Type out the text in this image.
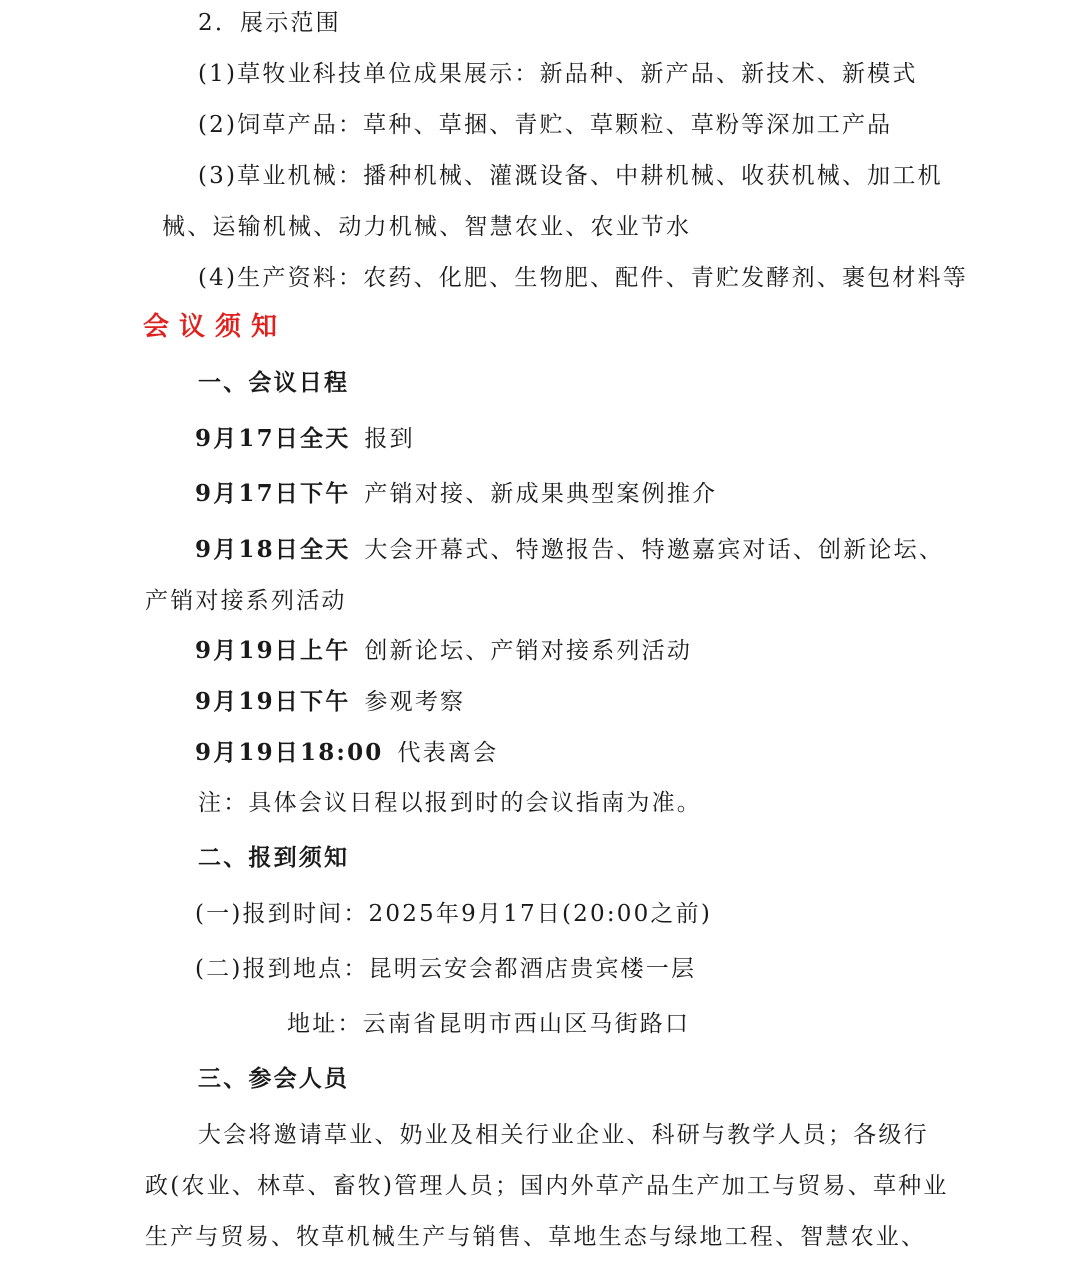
2．展示范围
(1)草牧业科技单位成果展示：新品种、新产品、新技术、新模式
(2)饲草产品：草种、草捆、青贮、草颗粒、草粉等深加工产品
(3)草业机械：播种机械、灌溉设备、中耕机械、收获机械、加工机
械、运输机械、动力机械、智慧农业、农业节水
(4)生产资料：农药、化肥、生物肥、配件、青贮发酵剂、裹包材料等
会议须知
一、会议日程
9月17日全天 报到
9月17日下午 产销对接、新成果典型案例推介
9月18日全天 大会开幕式、特邀报告、特邀嘉宾对话、创新论坛、
产销对接系列活动
9月19日上午 创新论坛、产销对接系列活动
9月19日下午 参观考察
9月19日18:00 代表离会
注：具体会议日程以报到时的会议指南为准。
二、报到须知
(一)报到时间：2025年9月17日(20:00之前)
(二)报到地点：昆明云安会都酒店贵宾楼一层
地址：云南省昆明市西山区马街路口
三、参会人员
大会将邀请草业、奶业及相关行业企业、科研与教学人员；各级行
政(农业、林草、畜牧)管理人员；国内外草产品生产加工与贸易、草种业
生产与贸易、牧草机械生产与销售、草地生态与绿地工程、智慧农业、
